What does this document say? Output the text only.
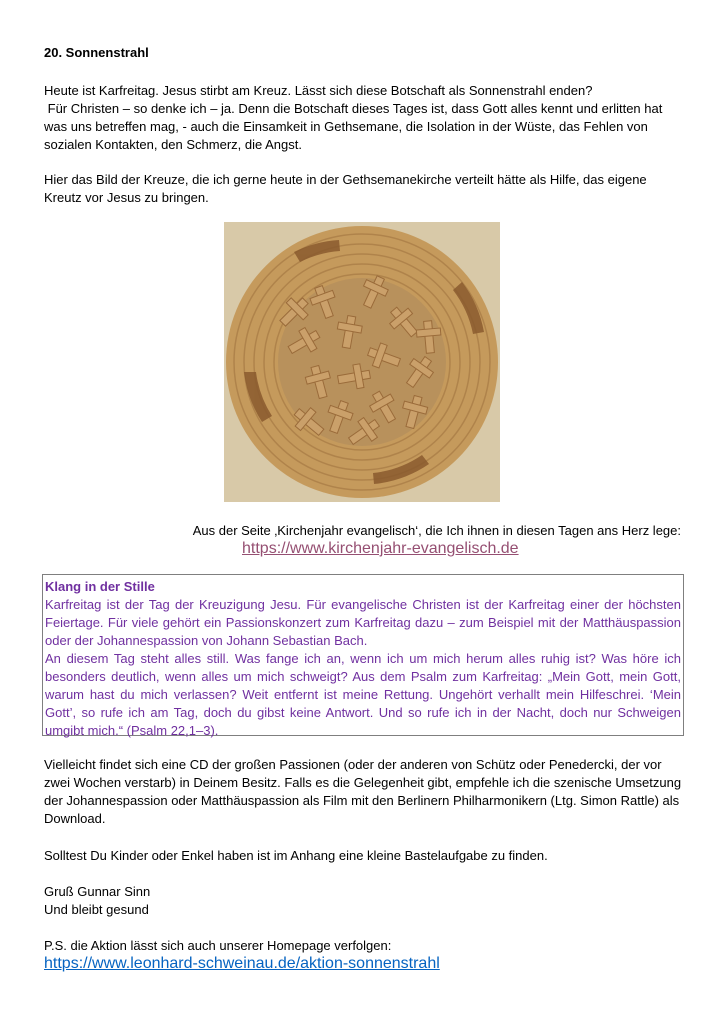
20. Sonnenstrahl

Heute ist Karfreitag. Jesus stirbt am Kreuz. Lässt sich diese Botschaft als Sonnenstrahl enden?
Für Christen – so denke ich – ja. Denn die Botschaft dieses Tages ist, dass Gott alles kennt und erlitten hat was uns betreffen mag, - auch die Einsamkeit in Gethsemane, die Isolation in der Wüste, das Fehlen von sozialen Kontakten, den Schmerz, die Angst.

Hier das Bild der Kreuze, die ich gerne heute in der Gethsemanekirche verteilt hätte als Hilfe, das eigene Kreutz vor Jesus zu bringen.

Aus der Seite ‚Kirchenjahr evangelisch‘, die Ich ihnen in diesen Tagen ans Herz lege:

https://www.kirchenjahr-evangelisch.de

Klang in der Stille

Karfreitag ist der Tag der Kreuzigung Jesu. Für evangelische Christen ist der Karfreitag einer der höchsten Feiertage. Für viele gehört ein Passionskonzert zum Karfreitag dazu – zum Beispiel mit der Matthäuspassion oder der Johannespassion von Johann Sebastian Bach.

An diesem Tag steht alles still. Was fange ich an, wenn ich um mich herum alles ruhig ist? Was höre ich besonders deutlich, wenn alles um mich schweigt? Aus dem Psalm zum Karfreitag: „Mein Gott, mein Gott, warum hast du mich verlassen? Weit entfernt ist meine Rettung. Ungehört verhallt mein Hilfeschrei. ‘Mein Gott’, so rufe ich am Tag, doch du gibst keine Antwort. Und so rufe ich in der Nacht, doch nur Schweigen umgibt mich.“ (Psalm 22,1–3).

Vielleicht findet sich eine CD der großen Passionen (oder der anderen von Schütz oder Penedercki, der vor zwei Wochen verstarb) in Deinem Besitz. Falls es die Gelegenheit gibt, empfehle ich die szenische Umsetzung der Johannespassion oder Matthäuspassion als Film mit den Berlinern Philharmonikern (Ltg. Simon Rattle) als Download.

Solltest Du Kinder oder Enkel haben ist im Anhang eine kleine Bastelaufgabe zu finden.

Gruß Gunnar Sinn

Und bleibt gesund

P.S. die Aktion lässt sich auch unserer Homepage verfolgen:

https://www.leonhard-schweinau.de/aktion-sonnenstrahl
